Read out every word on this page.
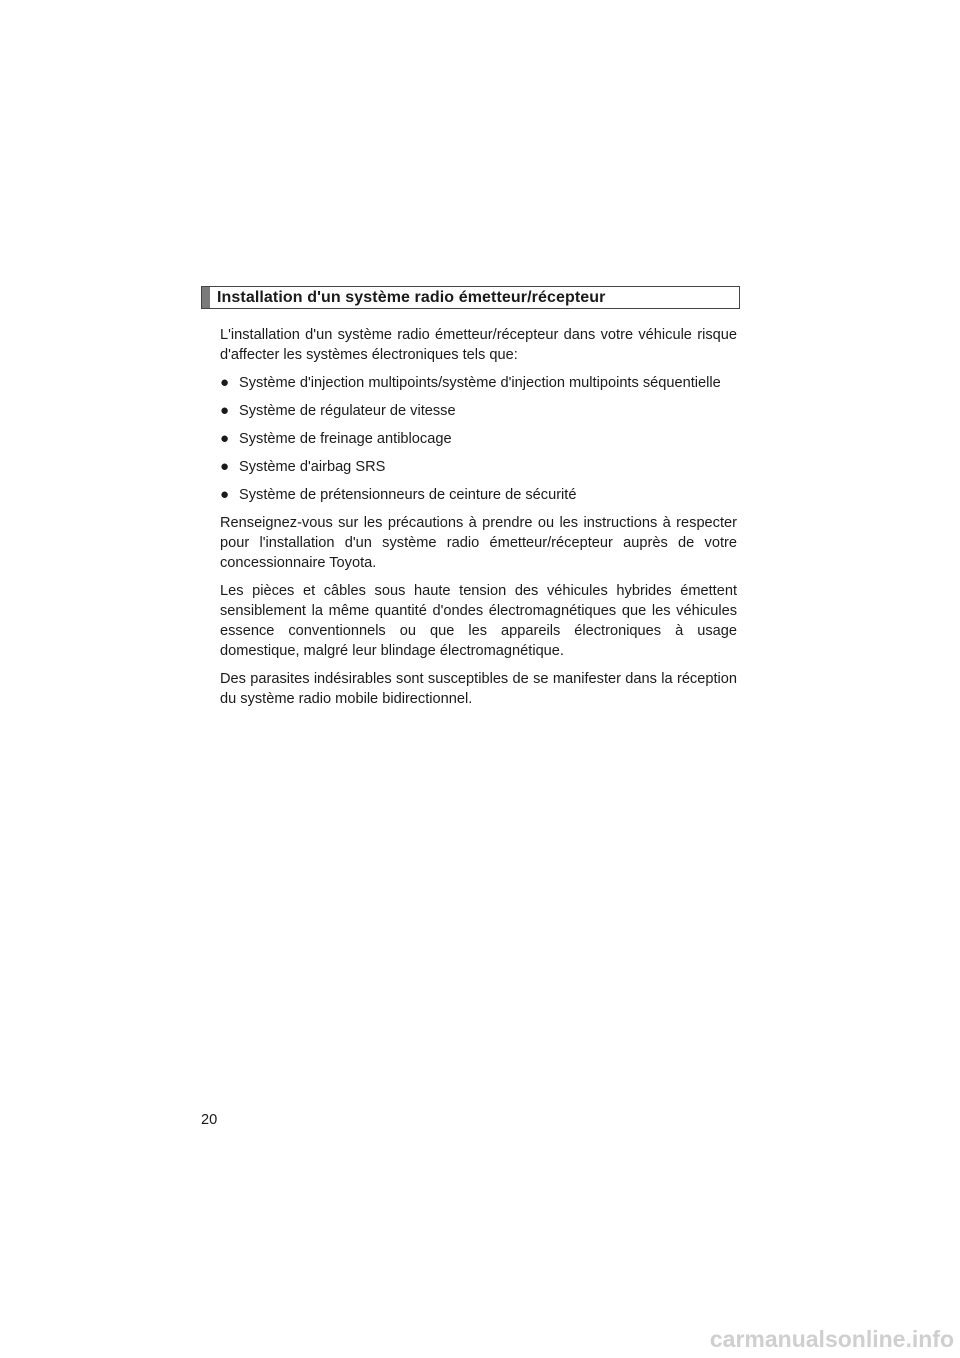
Installation d'un système radio émetteur/récepteur

L'installation d'un système radio émetteur/récepteur dans votre véhicule risque d'affecter les systèmes électroniques tels que:

● Système d'injection multipoints/système d'injection multipoints séquentielle
● Système de régulateur de vitesse
● Système de freinage antiblocage
● Système d'airbag SRS
● Système de prétensionneurs de ceinture de sécurité

Renseignez-vous sur les précautions à prendre ou les instructions à respecter pour l'installation d'un système radio émetteur/récepteur auprès de votre concessionnaire Toyota.

Les pièces et câbles sous haute tension des véhicules hybrides émettent sensiblement la même quantité d'ondes électromagnétiques que les véhicules essence conventionnels ou que les appareils électroniques à usage domestique, malgré leur blindage électromagnétique.

Des parasites indésirables sont susceptibles de se manifester dans la réception du système radio mobile bidirectionnel.

20
carmanualsonline.info
